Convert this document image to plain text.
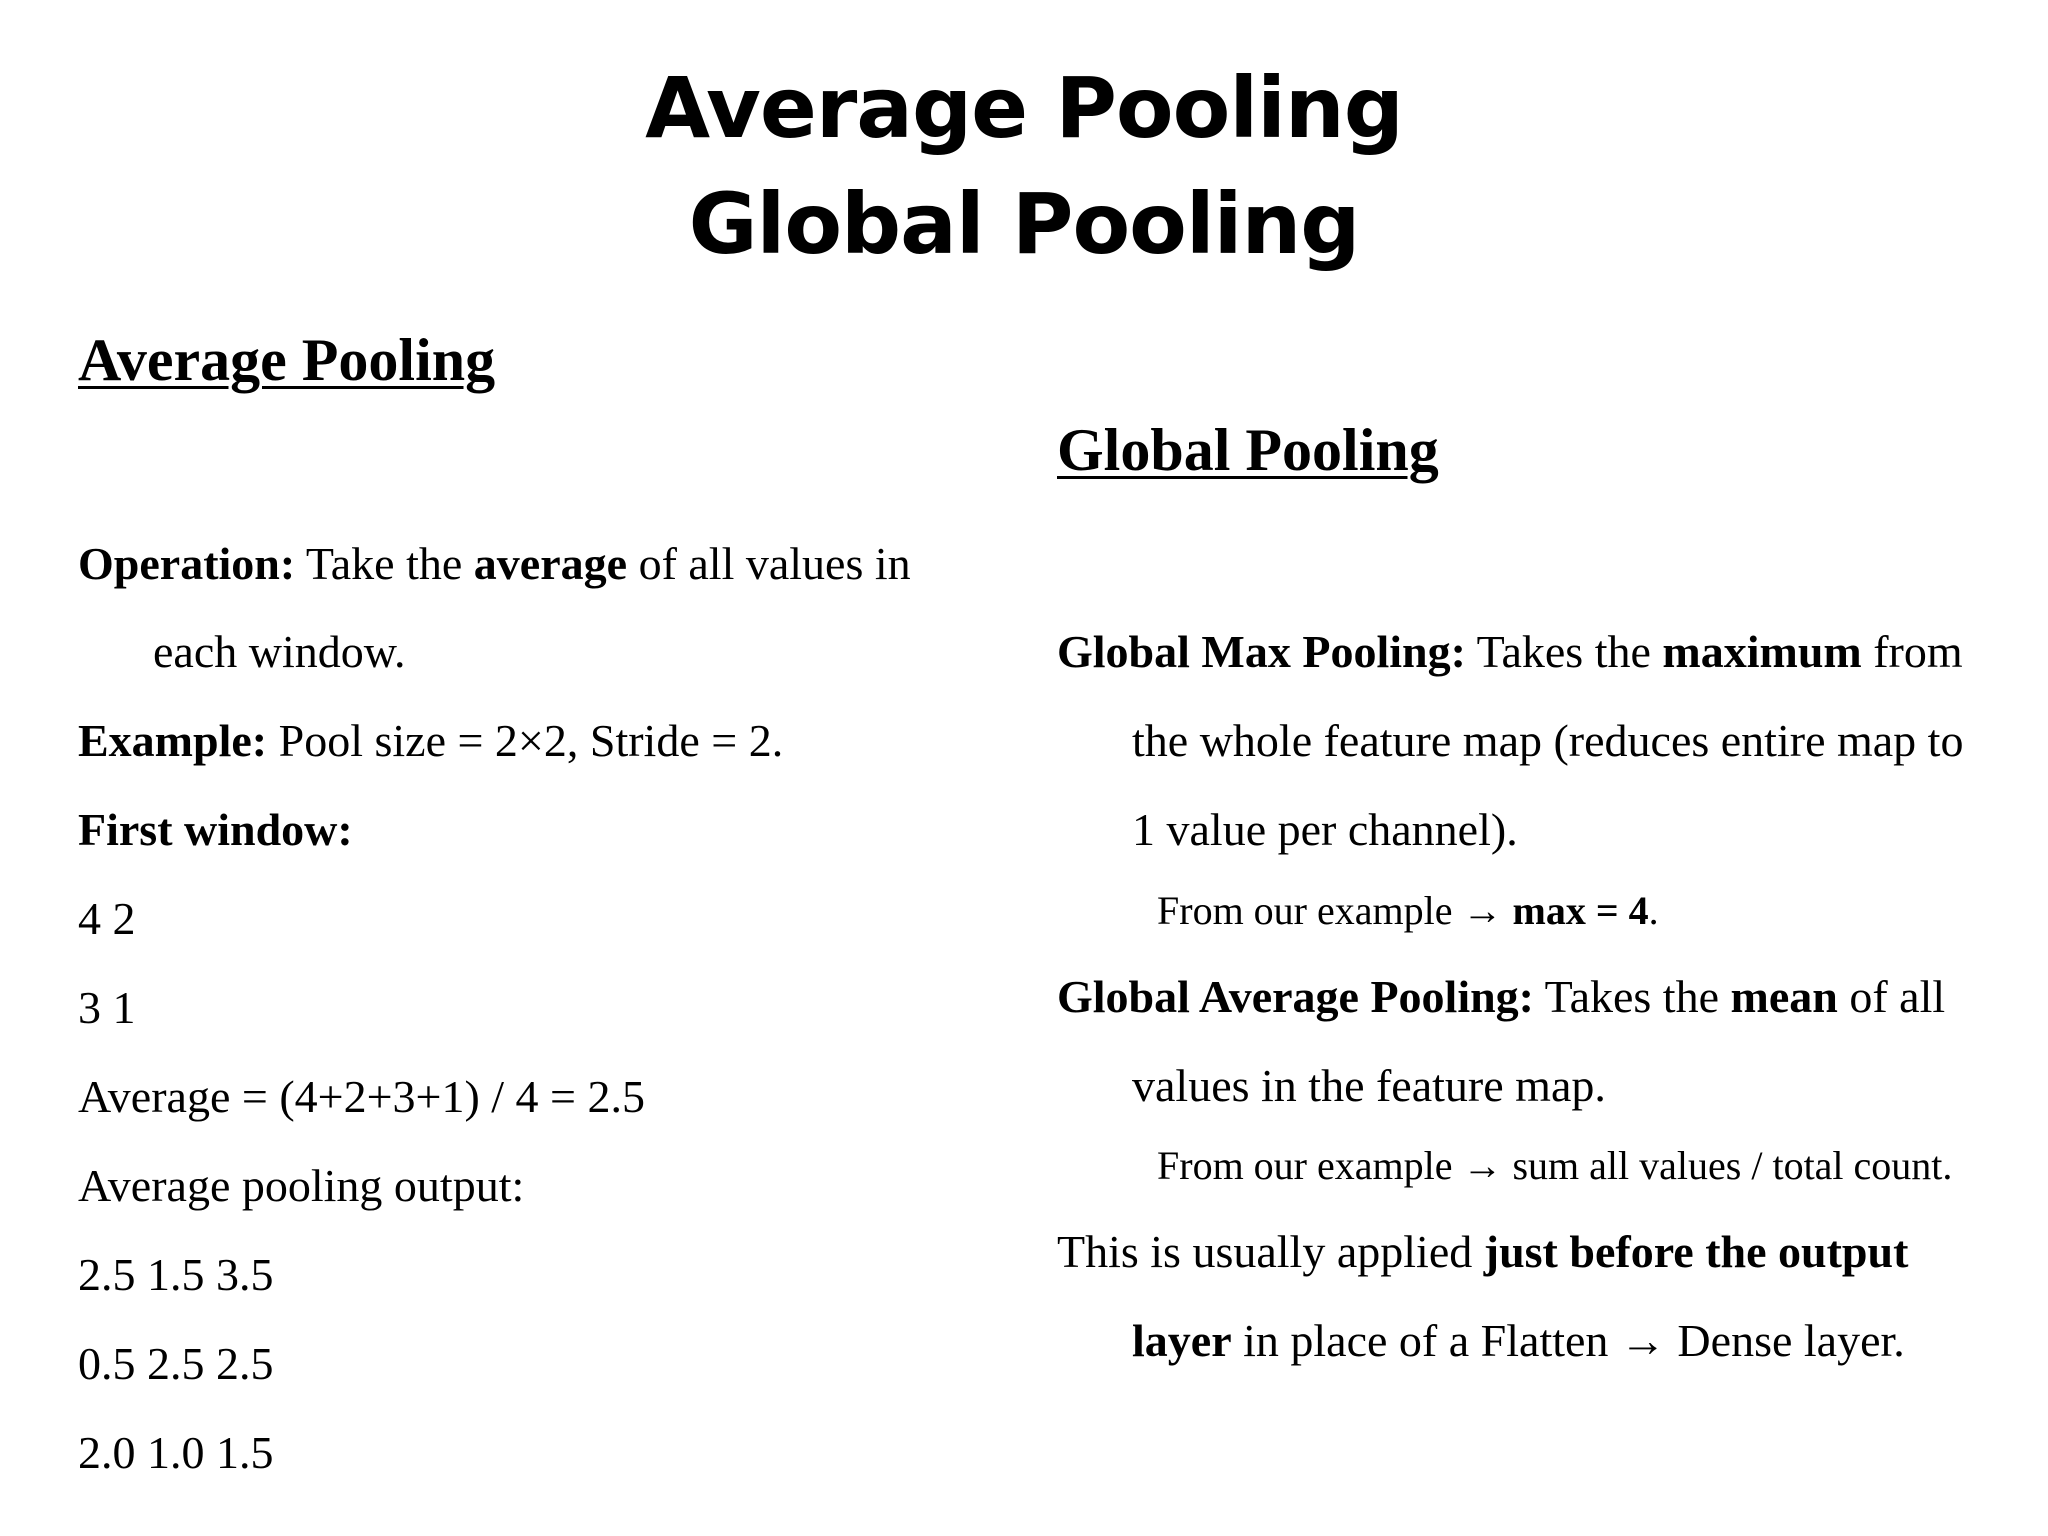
Average Pooling
Global Pooling
Average Pooling
Operation: Take the average of all values in
each window.
Example: Pool size = 2×2, Stride = 2.
First window:
4 2
3 1
Average = (4+2+3+1) / 4 = 2.5
Average pooling output:
2.5 1.5 3.5
0.5 2.5 2.5
2.0 1.0 1.5
Global Pooling
Global Max Pooling: Takes the maximum from
the whole feature map (reduces entire map to
1 value per channel).
From our example → max = 4.
Global Average Pooling: Takes the mean of all
values in the feature map.
From our example → sum all values / total count.
This is usually applied just before the output
layer in place of a Flatten → Dense layer.
